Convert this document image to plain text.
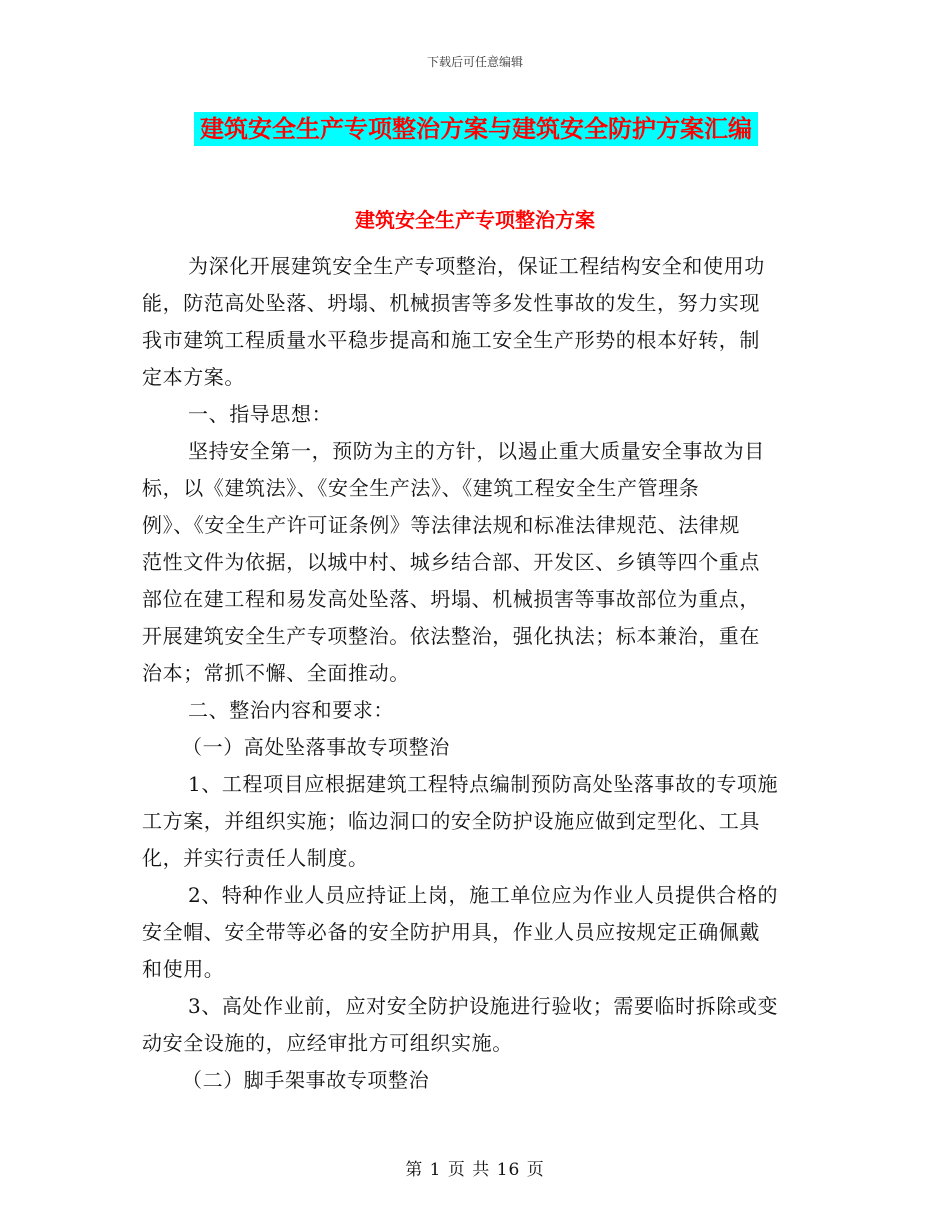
下载后可任意编辑
建筑安全生产专项整治方案与建筑安全防护方案汇编
建筑安全生产专项整治方案
为深化开展建筑安全生产专项整治，保证工程结构安全和使用功
能，防范高处坠落、坍塌、机械损害等多发性事故的发生，努力实现
我市建筑工程质量水平稳步提高和施工安全生产形势的根本好转，制
定本方案。
一、指导思想：
坚持安全第一，预防为主的方针，以遏止重大质量安全事故为目
标，以《建筑法》、《安全生产法》、《建筑工程安全生产管理条
例》、《安全生产许可证条例》等法律法规和标准法律规范、法律规
范性文件为依据，以城中村、城乡结合部、开发区、乡镇等四个重点
部位在建工程和易发高处坠落、坍塌、机械损害等事故部位为重点，
开展建筑安全生产专项整治。依法整治，强化执法；标本兼治，重在
治本；常抓不懈、全面推动。
二、整治内容和要求：
（一）高处坠落事故专项整治
1、工程项目应根据建筑工程特点编制预防高处坠落事故的专项施
工方案，并组织实施；临边洞口的安全防护设施应做到定型化、工具
化，并实行责任人制度。
2、特种作业人员应持证上岗，施工单位应为作业人员提供合格的
安全帽、安全带等必备的安全防护用具，作业人员应按规定正确佩戴
和使用。
3、高处作业前，应对安全防护设施进行验收；需要临时拆除或变
动安全设施的，应经审批方可组织实施。
（二）脚手架事故专项整治
第 1 页 共 16 页
